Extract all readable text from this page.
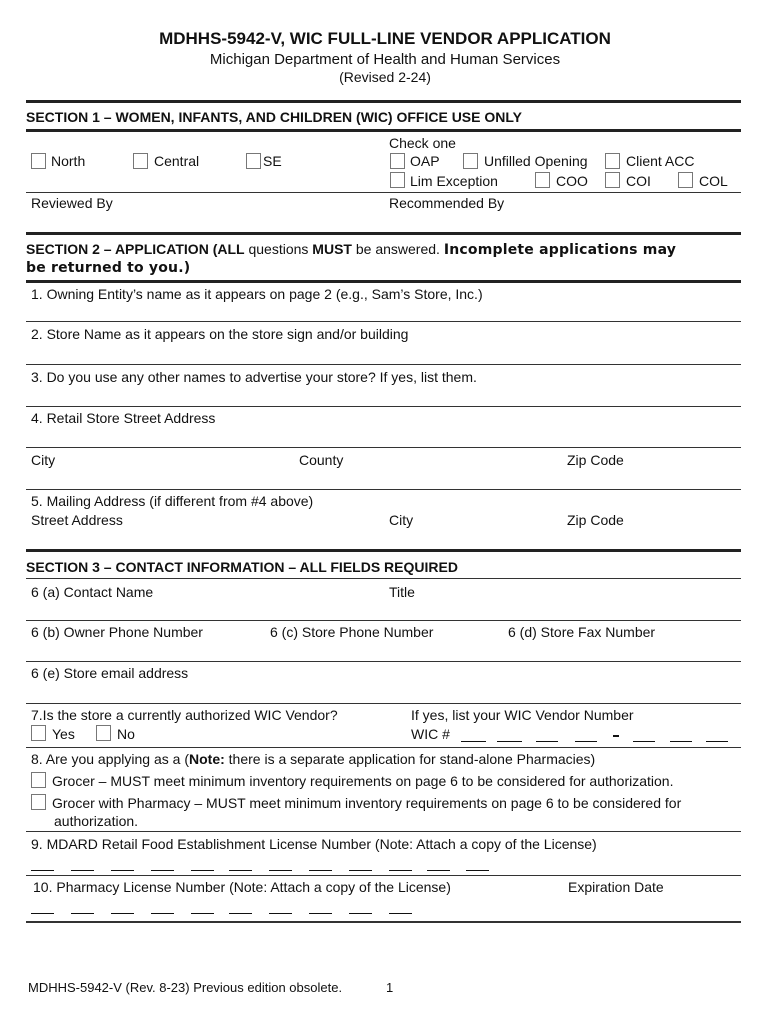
MDHHS-5942-V, WIC FULL-LINE VENDOR APPLICATION
Michigan Department of Health and Human Services
(Revised 2-24)
SECTION 1 – WOMEN, INFANTS, AND CHILDREN (WIC) OFFICE USE ONLY
North	Central	SE
Check one
OAP	Unfilled Opening	Client ACC
Lim Exception	COO	COI	COL
Reviewed By	Recommended By
SECTION 2 – APPLICATION (ALL questions MUST be answered. Incomplete applications may
be returned to you.)
1. Owning Entity’s name as it appears on page 2 (e.g., Sam’s Store, Inc.)
2. Store Name as it appears on the store sign and/or building
3. Do you use any other names to advertise your store? If yes, list them.
4. Retail Store Street Address
City	County	Zip Code
5. Mailing Address (if different from #4 above)
Street Address	City	Zip Code
SECTION 3 – CONTACT INFORMATION – ALL FIELDS REQUIRED
6 (a) Contact Name	Title
6 (b) Owner Phone Number	6 (c) Store Phone Number	6 (d) Store Fax Number
6 (e) Store email address
7.Is the store a currently authorized WIC Vendor?
Yes	No
If yes, list your WIC Vendor Number
WIC #
8. Are you applying as a (Note: there is a separate application for stand-alone Pharmacies)
Grocer – MUST meet minimum inventory requirements on page 6 to be considered for authorization.
Grocer with Pharmacy – MUST meet minimum inventory requirements on page 6 to be considered for
authorization.
9. MDARD Retail Food Establishment License Number (Note: Attach a copy of the License)
10. Pharmacy License Number (Note: Attach a copy of the License)	Expiration Date
MDHHS-5942-V (Rev. 8-23) Previous edition obsolete.	1
